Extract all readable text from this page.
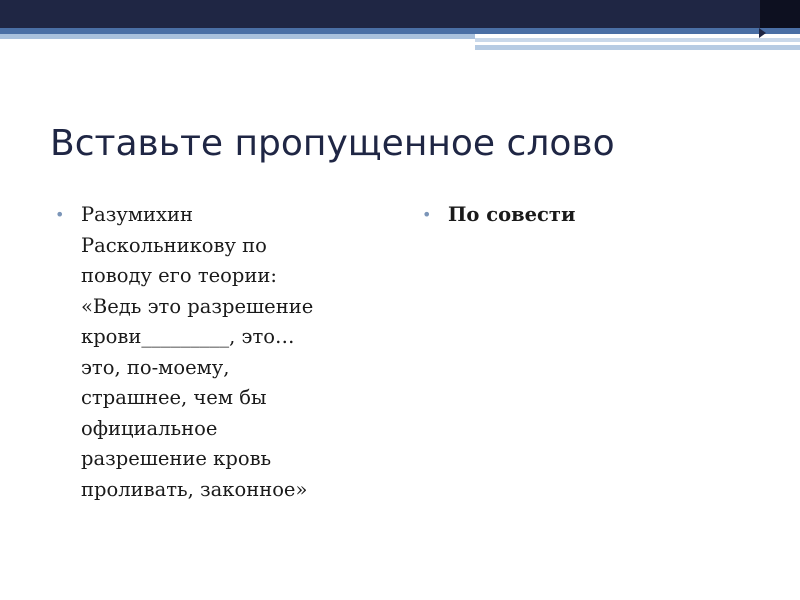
Вставьте пропущенное слово
• Разумихин
Раскольникову по
поводу его теории:
«Ведь это разрешение
крови_________, это…
это, по-моему,
страшнее, чем бы
официальное
разрешение кровь
проливать, законное»
• По совести
